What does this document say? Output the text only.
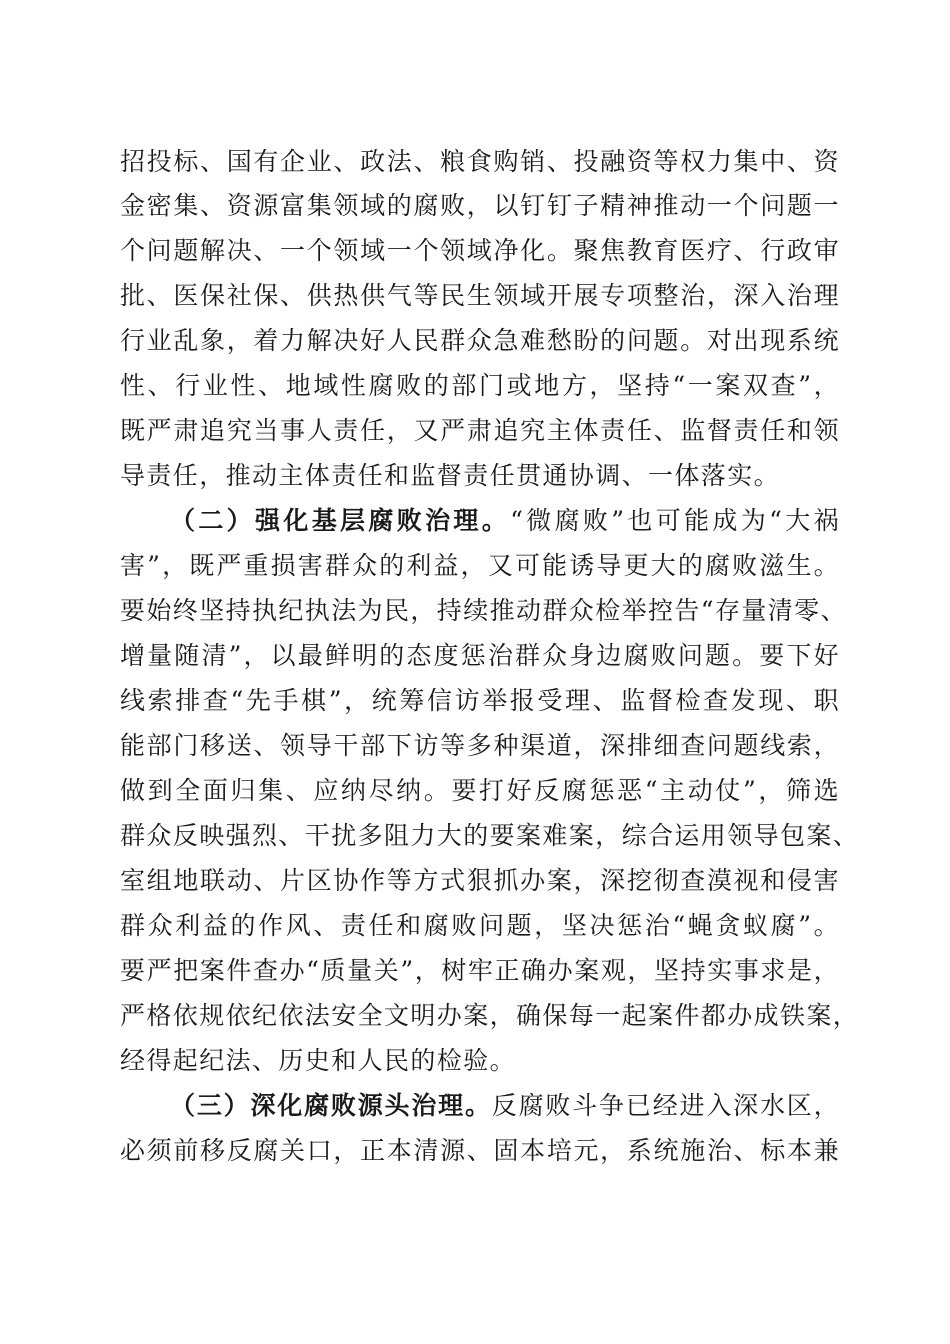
招投标、国有企业、政法、粮食购销、投融资等权力集中、资
金密集、资源富集领域的腐败，以钉钉子精神推动一个问题一
个问题解决、一个领域一个领域净化。聚焦教育医疗、行政审
批、医保社保、供热供气等民生领域开展专项整治，深入治理
行业乱象，着力解决好人民群众急难愁盼的问题。对出现系统
性、行业性、地域性腐败的部门或地方，坚持“一案双查”，
既严肃追究当事人责任，又严肃追究主体责任、监督责任和领
导责任，推动主体责任和监督责任贯通协调、一体落实。
（二）强化基层腐败治理。“微腐败”也可能成为“大祸
害”，既严重损害群众的利益，又可能诱导更大的腐败滋生。
要始终坚持执纪执法为民，持续推动群众检举控告“存量清零、
增量随清”，以最鲜明的态度惩治群众身边腐败问题。要下好
线索排查“先手棋”，统筹信访举报受理、监督检查发现、职
能部门移送、领导干部下访等多种渠道，深排细查问题线索，
做到全面归集、应纳尽纳。要打好反腐惩恶“主动仗”，筛选
群众反映强烈、干扰多阻力大的要案难案，综合运用领导包案、
室组地联动、片区协作等方式狠抓办案，深挖彻查漠视和侵害
群众利益的作风、责任和腐败问题，坚决惩治“蝇贪蚁腐”。
要严把案件查办“质量关”，树牢正确办案观，坚持实事求是，
严格依规依纪依法安全文明办案，确保每一起案件都办成铁案，
经得起纪法、历史和人民的检验。
（三）深化腐败源头治理。反腐败斗争已经进入深水区，
必须前移反腐关口，正本清源、固本培元，系统施治、标本兼
